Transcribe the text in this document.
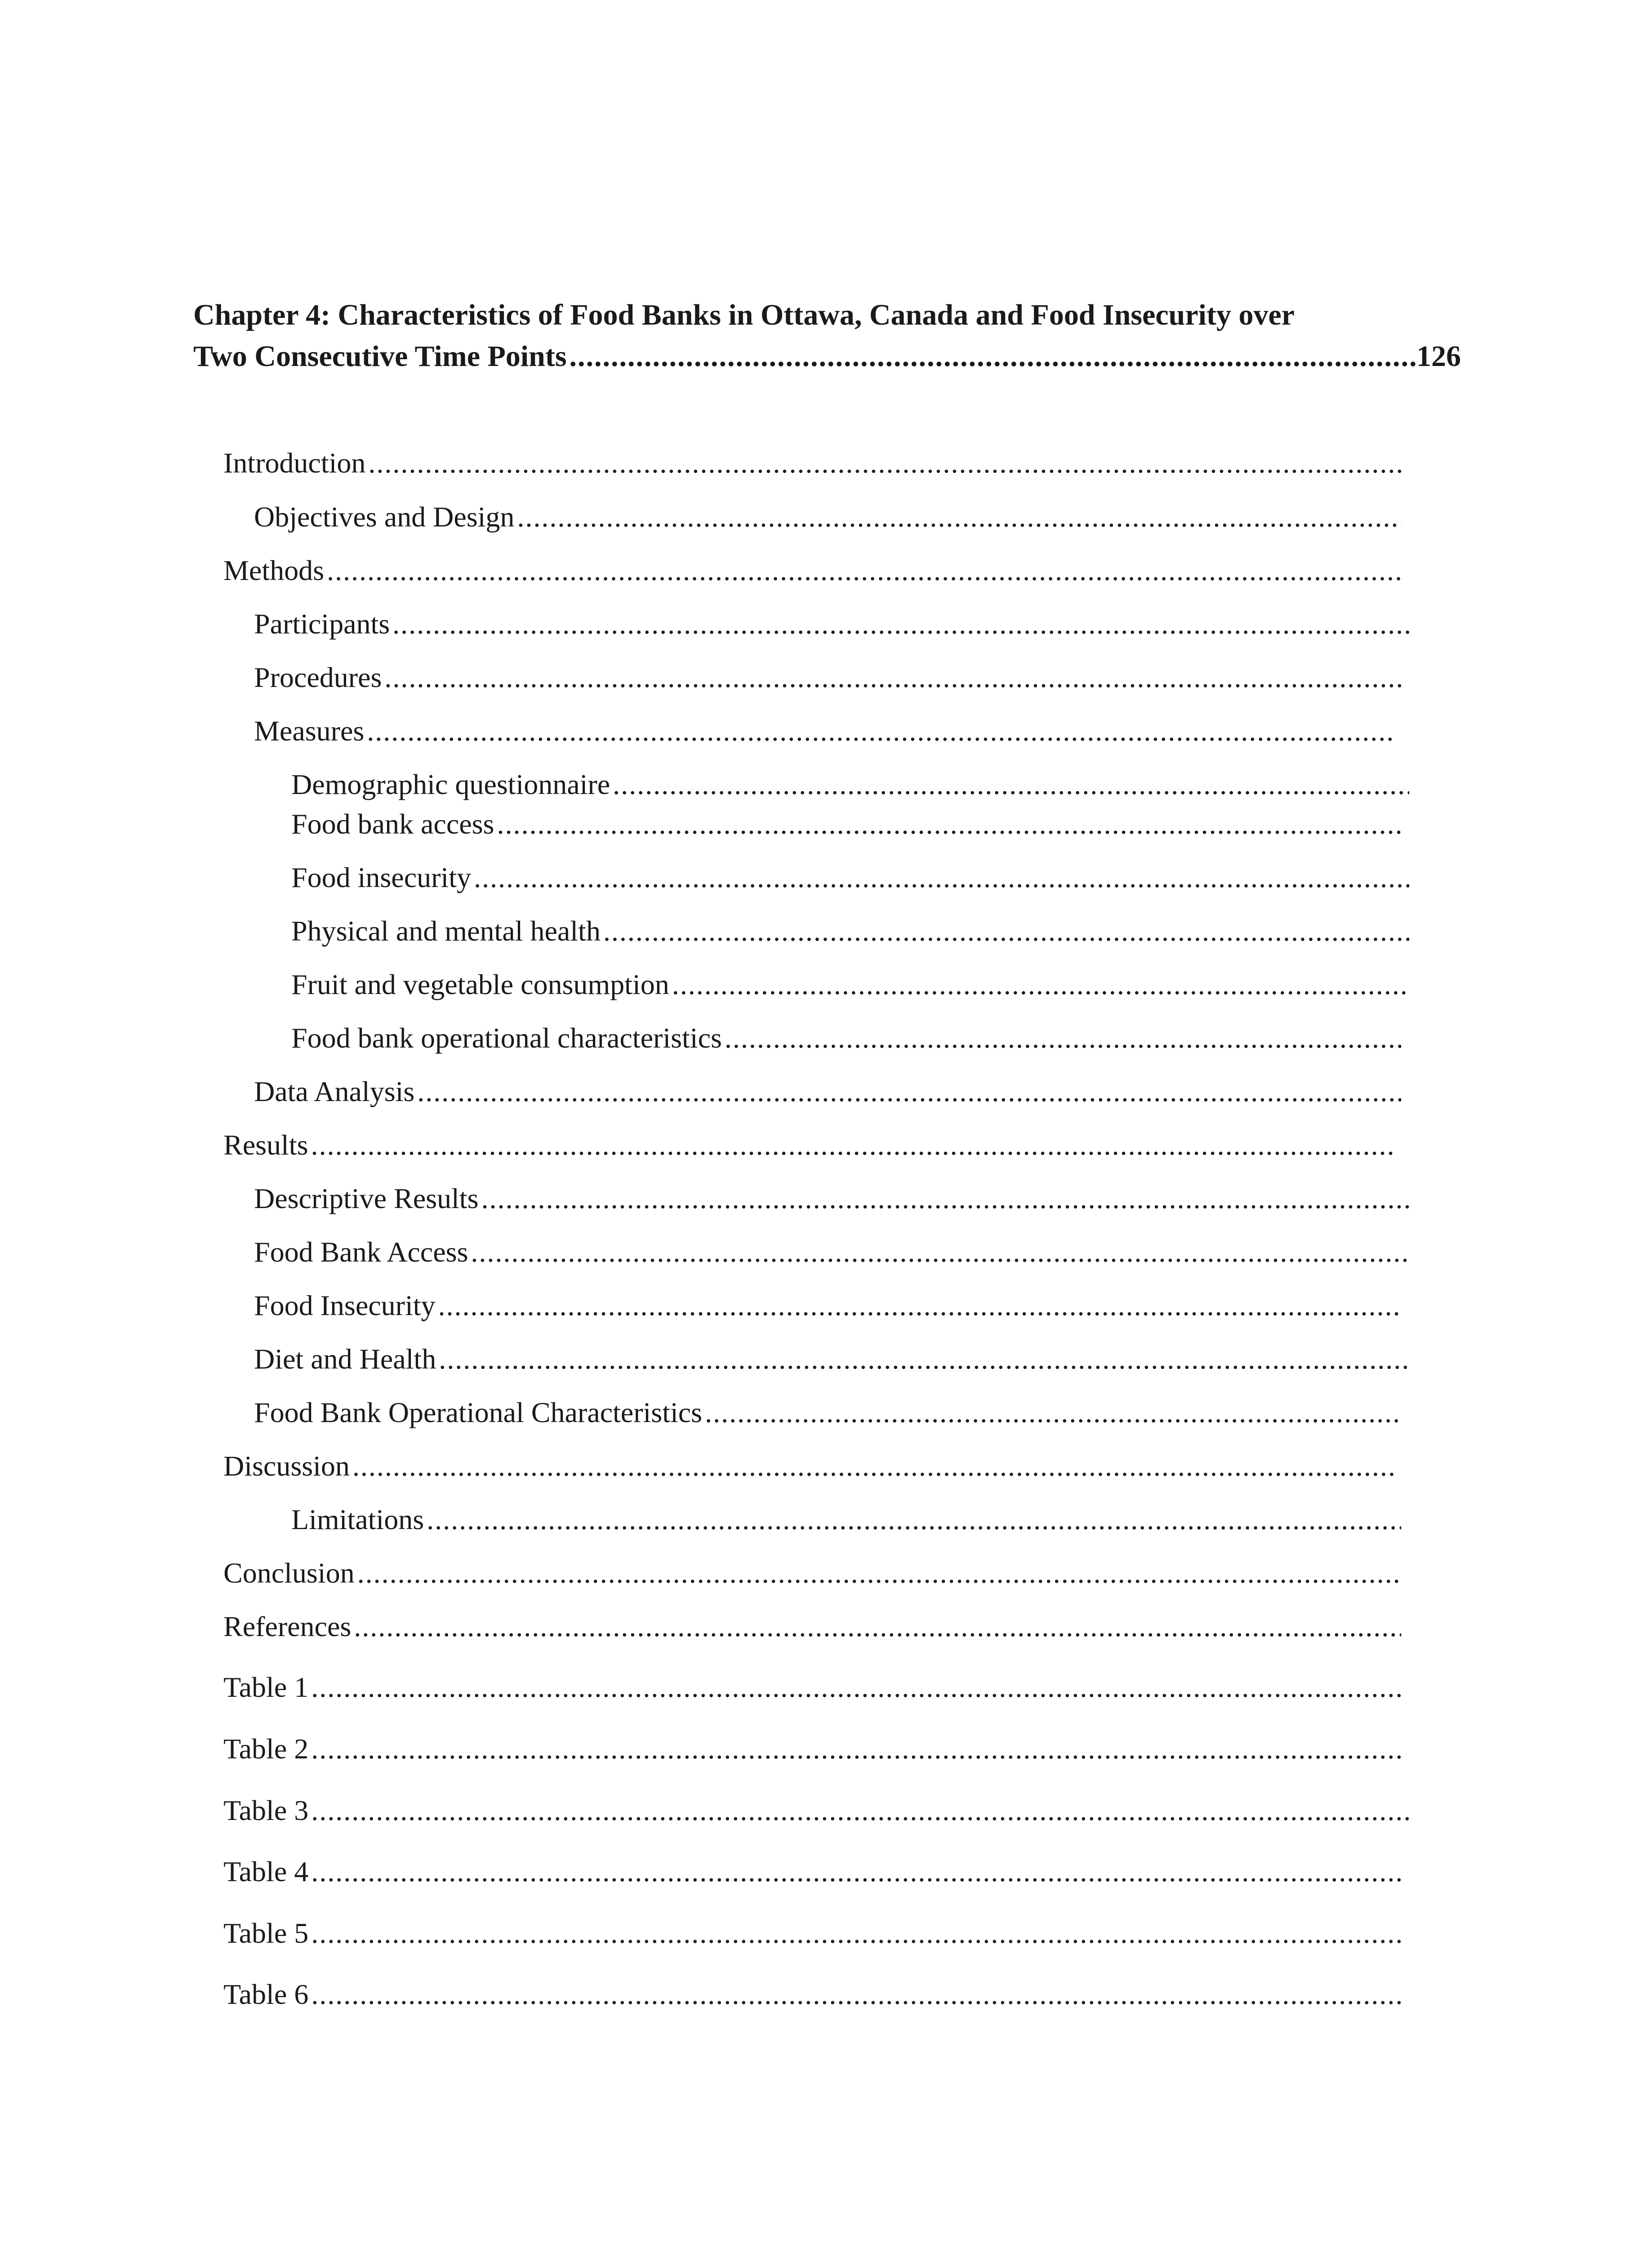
Chapter 4: Characteristics of Food Banks in Ottawa, Canada and Food Insecurity over
Two Consecutive Time Points
.....	126
Introduction
.....
Objectives and Design
.....
Methods
.....
Participants
.....
Procedures
.....
Measures
.....
Demographic questionnaire
.....
Food bank access
.....
Food insecurity
.....
Physical and mental health
.....
Fruit and vegetable consumption
.....
Food bank operational characteristics
.....
Data Analysis
.....
Results
.....
Descriptive Results
.....
Food Bank Access
.....
Food Insecurity
.....
Diet and Health
.....
Food Bank Operational Characteristics
.....
Discussion
.....
Limitations
.....
Conclusion
.....
References
.....
Table 1
.....
Table 2
.....
Table 3
.....
Table 4
.....
Table 5
.....
Table 6
.....
